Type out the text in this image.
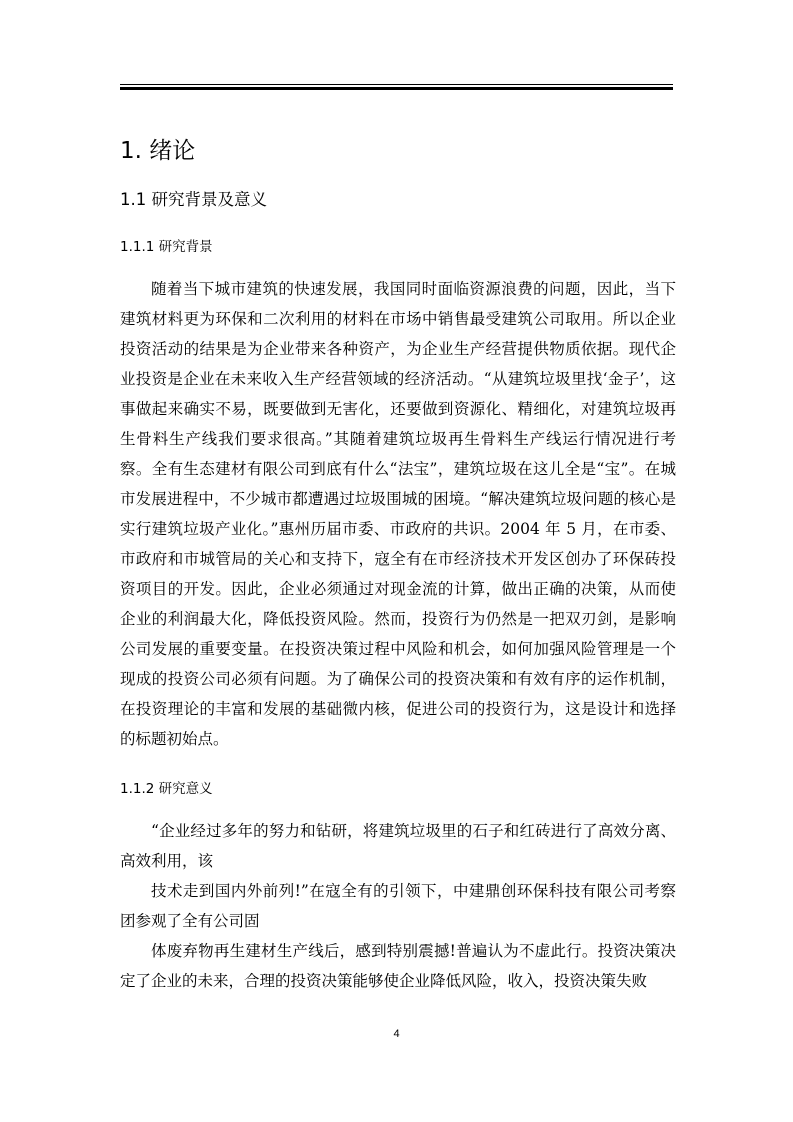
1. 绪论
1.1 研究背景及意义
1.1.1 研究背景

随着当下城市建筑的快速发展，我国同时面临资源浪费的问题，因此，当下建筑材料更为环保和二次利用的材料在市场中销售最受建筑公司取用。所以企业投资活动的结果是为企业带来各种资产，为企业生产经营提供物质依据。现代企业投资是企业在未来收入生产经营领域的经济活动。“从建筑垃圾里找‘金子’，这事做起来确实不易，既要做到无害化，还要做到资源化、精细化，对建筑垃圾再生骨料生产线我们要求很高。”其随着建筑垃圾再生骨料生产线运行情况进行考察。全有生态建材有限公司到底有什么“法宝”，建筑垃圾在这儿全是“宝”。在城市发展进程中，不少城市都遭遇过垃圾围城的困境。“解决建筑垃圾问题的核心是实行建筑垃圾产业化。”惠州历届市委、市政府的共识。2004 年 5 月，在市委、市政府和市城管局的关心和支持下，寇全有在市经济技术开发区创办了环保砖投资项目的开发。因此，企业必须通过对现金流的计算，做出正确的决策，从而使企业的利润最大化，降低投资风险。然而，投资行为仍然是一把双刃剑，是影响公司发展的重要变量。在投资决策过程中风险和机会，如何加强风险管理是一个现成的投资公司必须有问题。为了确保公司的投资决策和有效有序的运作机制，在投资理论的丰富和发展的基础微内核，促进公司的投资行为，这是设计和选择的标题初始点。

1.1.2 研究意义

“企业经过多年的努力和钻研，将建筑垃圾里的石子和红砖进行了高效分离、高效利用，该

技术走到国内外前列!”在寇全有的引领下，中建鼎创环保科技有限公司考察团参观了全有公司固

体废弃物再生建材生产线后，感到特别震撼!普遍认为不虚此行。投资决策决定了企业的未来，合理的投资决策能够使企业降低风险，收入，投资决策失败

4
